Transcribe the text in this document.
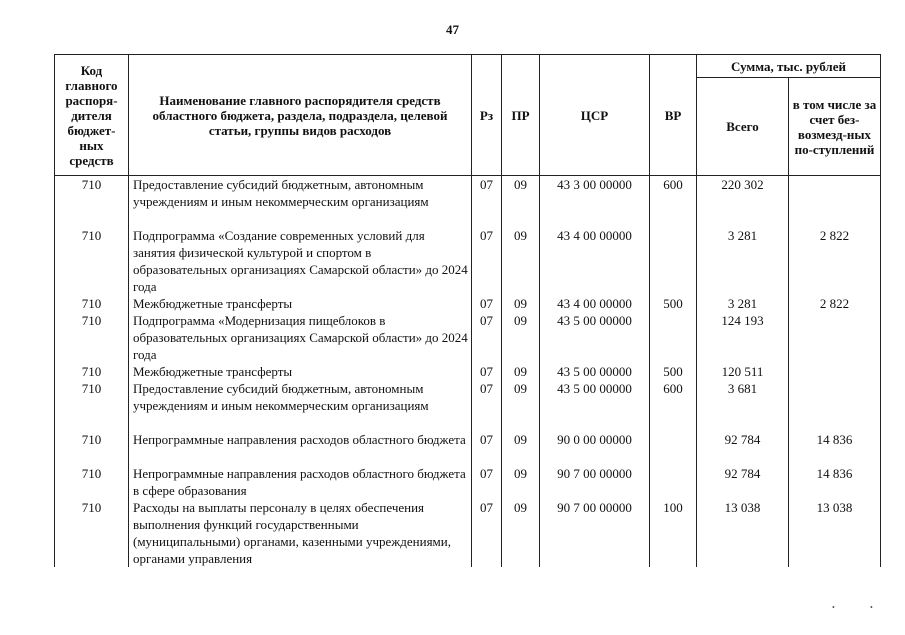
47
Код главного распоря-дителя бюджет-ных средств	Наименование главного распорядителя средств областного бюджета, раздела, подраздела, целевой статьи, группы видов расходов	Рз	ПР	ЦСР	ВР	Сумма, тыс. рублей	
						Всего	в том числе за счет без-возмезд-ных по-ступлений
710	Предоставление субсидий бюджетным, автономным учреждениям и иным некоммерческим организациям	07	09	43 3 00 00000	600	220 302	
710	Подпрограмма «Создание современных условий для занятия физической культурой и спортом в образовательных организациях Самарской области» до 2024 года	07	09	43 4 00 00000		3 281	2 822
710	Межбюджетные трансферты	07	09	43 4 00 00000	500	3 281	2 822
710	Подпрограмма «Модернизация пищеблоков в образовательных организациях Самарской области» до 2024 года	07	09	43 5 00 00000		124 193	
710	Межбюджетные трансферты	07	09	43 5 00 00000	500	120 511	
710	Предоставление субсидий бюджетным, автономным учреждениям и иным некоммерческим организациям	07	09	43 5 00 00000	600	3 681	
710	Непрограммные направления расходов областного бюджета	07	09	90 0 00 00000		92 784	14 836
710	Непрограммные направления расходов областного бюджета в сфере образования	07	09	90 7 00 00000		92 784	14 836
710	Расходы на выплаты персоналу в целях обеспечения выполнения функций государственными (муниципальными) органами, казенными учреждениями, органами управления	07	09	90 7 00 00000	100	13 038	13 038
•	•
